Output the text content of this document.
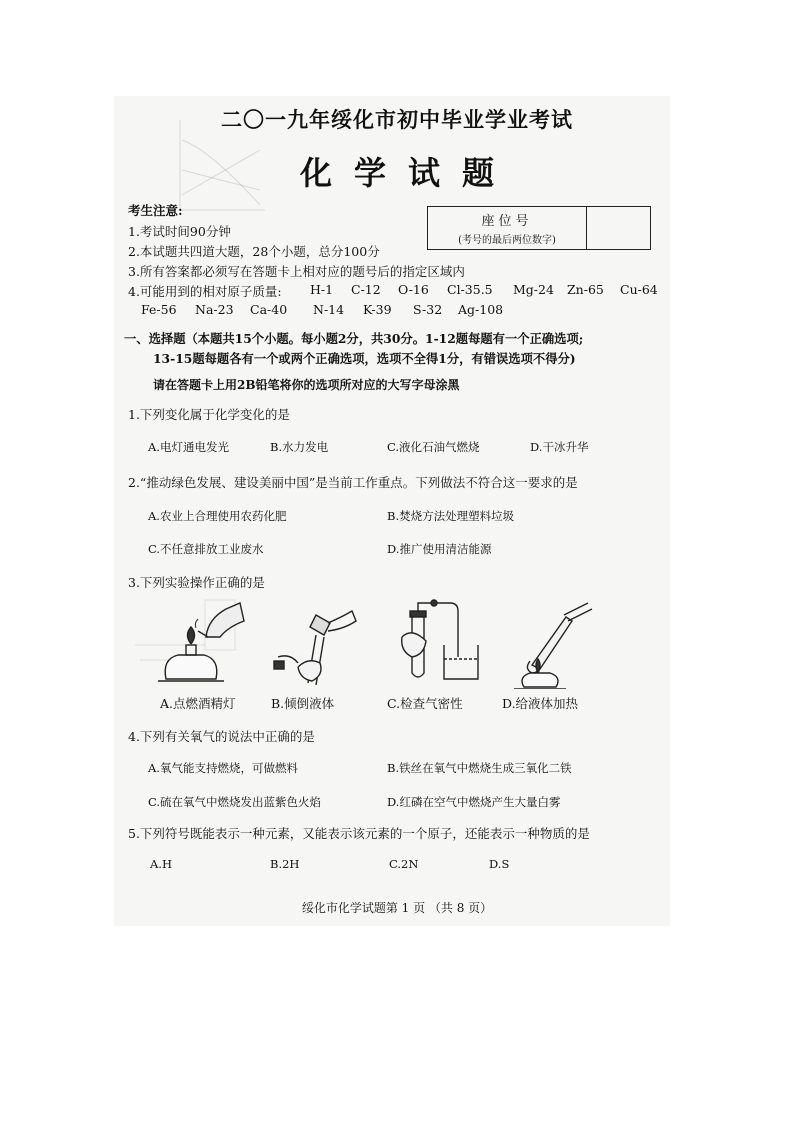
二〇一九年绥化市初中毕业学业考试
化学试题
考生注意:
1.考试时间90分钟
2.本试题共四道大题，28个小题，总分100分
3.所有答案都必须写在答题卡上相对应的题号后的指定区域内
座位号
(考号的最后两位数字)
4.可能用到的相对原子质量: H-1 C-12 O-16 Cl-35.5 Mg-24 Zn-65 Cu-64
Fe-56 Na-23 Ca-40 N-14 K-39 S-32 Ag-108
一、选择题（本题共15个小题。每小题2分，共30分。1-12题每题有一个正确选项;
13-15题每题各有一个或两个正确选项，选项不全得1分，有错误选项不得分)
请在答题卡上用2B铅笔将你的选项所对应的大写字母涂黑
1.下列变化属于化学变化的是
A.电灯通电发光	B.水力发电	C.液化石油气燃烧	D.干冰升华
2.“推动绿色发展、建设美丽中国”是当前工作重点。下列做法不符合这一要求的是
A.农业上合理使用农药化肥	B.焚烧方法处理塑料垃圾
C.不任意排放工业废水	D.推广使用清洁能源
3.下列实验操作正确的是
A.点燃酒精灯	B.倾倒液体	C.检查气密性	D.给液体加热
4.下列有关氧气的说法中正确的是
A.氧气能支持燃烧，可做燃料	B.铁丝在氧气中燃烧生成三氧化二铁
C.硫在氧气中燃烧发出蓝紫色火焰	D.红磷在空气中燃烧产生大量白雾
5.下列符号既能表示一种元素，又能表示该元素的一个原子，还能表示一种物质的是
A.H	B.2H	C.2N	D.S
绥化市化学试题第 1 页 （共 8 页）
